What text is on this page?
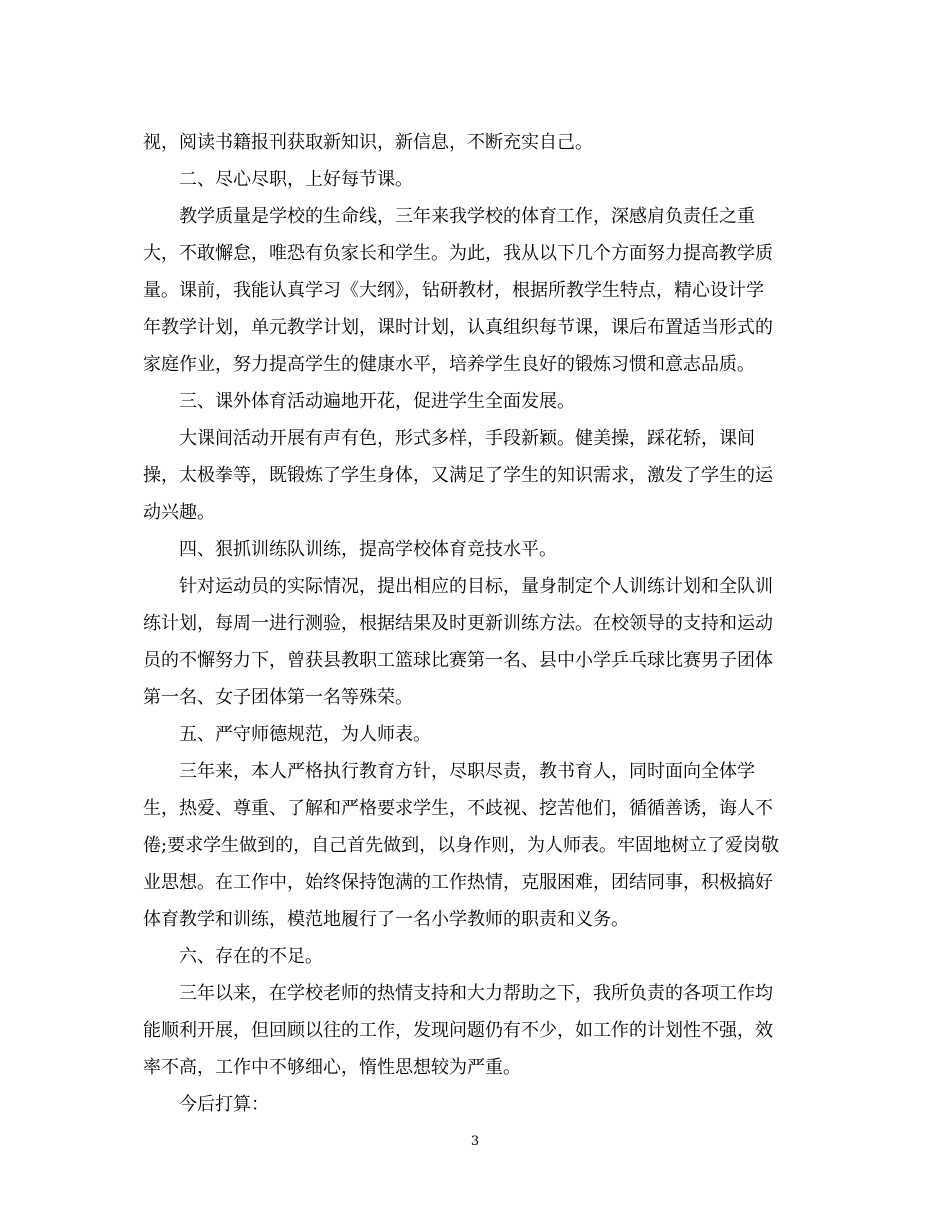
视，阅读书籍报刊获取新知识，新信息，不断充实自己。
二、尽心尽职，上好每节课。
教学质量是学校的生命线，三年来我学校的体育工作，深感肩负责任之重
大，不敢懈怠，唯恐有负家长和学生。为此，我从以下几个方面努力提高教学质
量。课前，我能认真学习《大纲》，钻研教材，根据所教学生特点，精心设计学
年教学计划，单元教学计划，课时计划，认真组织每节课，课后布置适当形式的
家庭作业，努力提高学生的健康水平，培养学生良好的锻炼习惯和意志品质。
三、课外体育活动遍地开花，促进学生全面发展。
大课间活动开展有声有色，形式多样，手段新颖。健美操，踩花轿，课间
操，太极拳等，既锻炼了学生身体，又满足了学生的知识需求，激发了学生的运
动兴趣。
四、狠抓训练队训练，提高学校体育竞技水平。
针对运动员的实际情况，提出相应的目标，量身制定个人训练计划和全队训
练计划，每周一进行测验，根据结果及时更新训练方法。在校领导的支持和运动
员的不懈努力下，曾获县教职工篮球比赛第一名、县中小学乒乓球比赛男子团体
第一名、女子团体第一名等殊荣。
五、严守师德规范，为人师表。
三年来，本人严格执行教育方针，尽职尽责，教书育人，同时面向全体学
生，热爱、尊重、了解和严格要求学生，不歧视、挖苦他们，循循善诱，诲人不
倦;要求学生做到的，自己首先做到，以身作则，为人师表。牢固地树立了爱岗敬
业思想。在工作中，始终保持饱满的工作热情，克服困难，团结同事，积极搞好
体育教学和训练，模范地履行了一名小学教师的职责和义务。
六、存在的不足。
三年以来，在学校老师的热情支持和大力帮助之下，我所负责的各项工作均
能顺利开展，但回顾以往的工作，发现问题仍有不少，如工作的计划性不强，效
率不高，工作中不够细心，惰性思想较为严重。
今后打算：
3
